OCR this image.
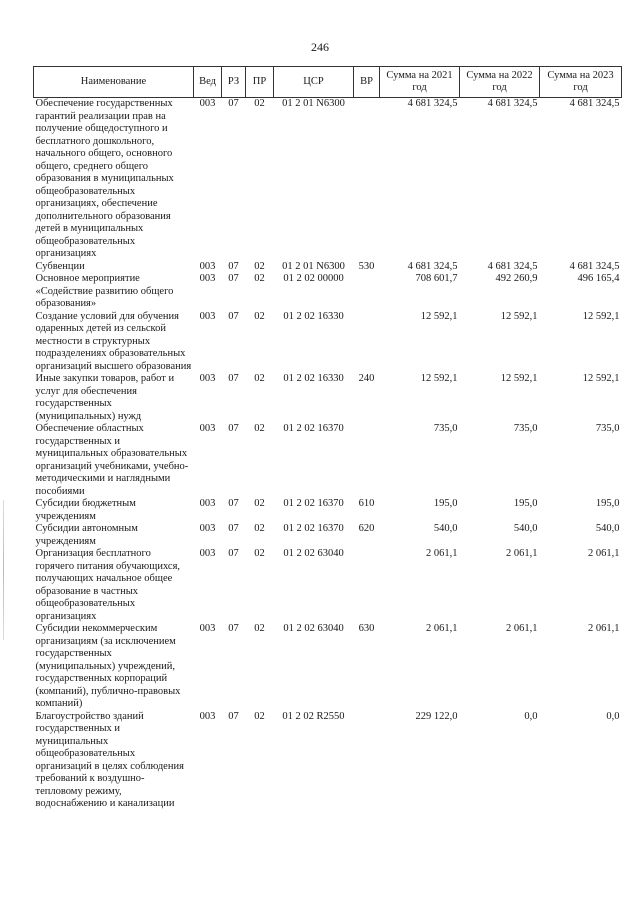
246
Наименование	Вед	РЗ	ПР	ЦСР	ВР	Сумма на 2021 год	Сумма на 2022 год	Сумма на 2023 год
Обеспечение государственных гарантий реализации прав на получение общедоступного и бесплатного дошкольного, начального общего, основного общего, среднего общего образования в муниципальных общеобразовательных организациях, обеспечение дополнительного образования детей в муниципальных общеобразовательных организациях	003	07	02	01 2 01 N6300		4 681 324,5	4 681 324,5	4 681 324,5
Субвенции	003	07	02	01 2 01 N6300	530	4 681 324,5	4 681 324,5	4 681 324,5
Основное мероприятие «Содействие развитию общего образования»	003	07	02	01 2 02 00000		708 601,7	492 260,9	496 165,4
Создание условий для обучения одаренных детей из сельской местности в структурных подразделениях образовательных организаций высшего образования	003	07	02	01 2 02 16330		12 592,1	12 592,1	12 592,1
Иные закупки товаров, работ и услуг для обеспечения государственных (муниципальных) нужд	003	07	02	01 2 02 16330	240	12 592,1	12 592,1	12 592,1
Обеспечение областных государственных и муниципальных образовательных организаций учебниками, учебно-методическими и наглядными пособиями	003	07	02	01 2 02 16370		735,0	735,0	735,0
Субсидии бюджетным учреждениям	003	07	02	01 2 02 16370	610	195,0	195,0	195,0
Субсидии автономным учреждениям	003	07	02	01 2 02 16370	620	540,0	540,0	540,0
Организация бесплатного горячего питания обучающихся, получающих начальное общее образование в частных общеобразовательных организациях	003	07	02	01 2 02 63040		2 061,1	2 061,1	2 061,1
Субсидии некоммерческим организациям (за исключением государственных (муниципальных) учреждений, государственных корпораций (компаний), публично-правовых компаний)	003	07	02	01 2 02 63040	630	2 061,1	2 061,1	2 061,1
Благоустройство зданий государственных и муниципальных общеобразовательных организаций в целях соблюдения требований к воздушно-тепловому режиму, водоснабжению и канализации	003	07	02	01 2 02 R2550		229 122,0	0,0	0,0
